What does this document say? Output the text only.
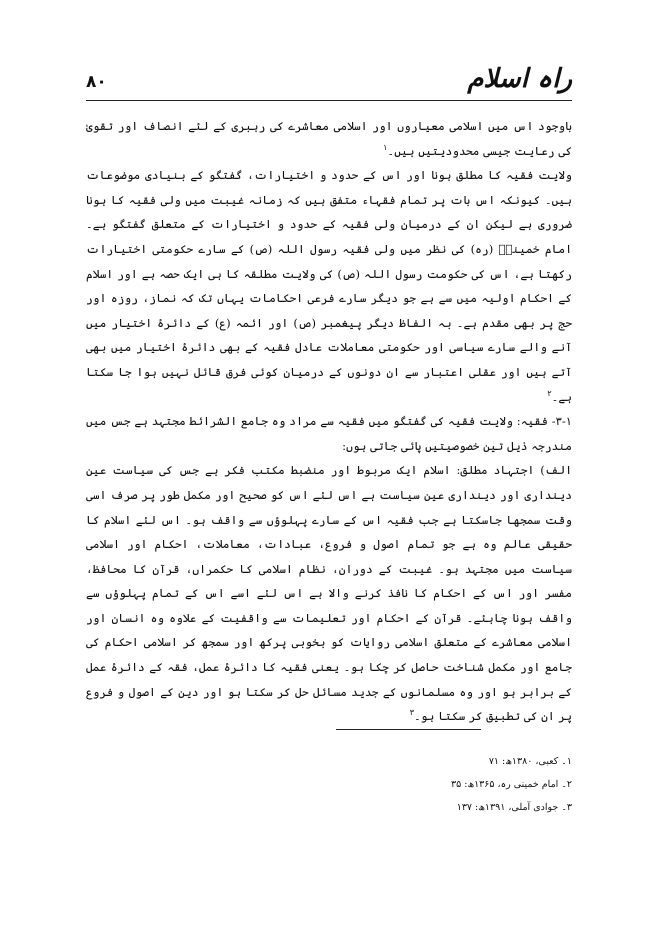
راہ اسلام
۸۰

باوجود اس میں اسلامی معیاروں اور اسلامی معاشرے کی رہبری کے لئے انصاف اور تقویٰ کی رعایت جیسی محدودیتیں ہیں۔$^۱$

ولایت فقیہ کا مطلق ہونا اور اس کے حدود و اختیارات، گفتگو کے بنیادی موضوعات ہیں۔ کیونکہ اس بات پر تمام فقہاء متفق ہیں کہ زمانہ غیبت میں ولی فقیہ کا ہونا ضروری ہے لیکن ان کے درمیان ولی فقیہ کے حدود و اختیارات کے متعلق گفتگو ہے۔ امام خمینیؒ (رہ) کی نظر میں ولی فقیہ رسول اللہ (ص) کے سارے حکومتی اختیارات رکھتا ہے، اس کی حکومت رسول اللہ (ص) کی ولایت مطلقہ کا ہی ایک حصہ ہے اور اسلام کے احکام اولیہ میں سے ہے جو دیگر سارے فرعی احکامات یہاں تک کہ نماز، روزہ اور حج پر بھی مقدم ہے۔ بہ الفاظ دیگر پیغمبر (ص) اور ائمہ (ع) کے دائرۂ اختیار میں آنے والے سارے سیاسی اور حکومتی معاملات عادل فقیہ کے بھی دائرۂ اختیار میں بھی آتے ہیں اور عقلی اعتبار سے ان دونوں کے درمیان کوئی فرق قائل نہیں ہوا جا سکتا ہے۔$^۲$

۳-۱- فقیہ: ولایت فقیہ کی گفتگو میں فقیہ سے مراد وہ جامع الشرائط مجتہد ہے جس میں مندرجہ ذیل تین خصوصیتیں پائی جاتی ہوں:

الف) اجتہاد مطلق: اسلام ایک مربوط اور منضبط مکتب فکر ہے جس کی سیاست عین دینداری اور دینداری عین سیاست ہے اس لئے اس کو صحیح اور مکمل طور پر صرف اسی وقت سمجھا جاسکتا ہے جب فقیہ اس کے سارے پہلوؤں سے واقف ہو۔ اس لئے اسلام کا حقیقی عالم وہ ہے جو تمام اصول و فروع، عبادات، معاملات، احکام اور اسلامی سیاست میں مجتہد ہو۔ غیبت کے دوران، نظام اسلامی کا حکمراں، قرآن کا محافظ، مفسر اور اس کے احکام کا نافذ کرنے والا ہے اس لئے اسے اس کے تمام پہلوؤں سے واقف ہونا چاہئے۔ قرآن کے احکام اور تعلیمات سے واقفیت کے علاوہ وہ انسان اور اسلامی معاشرے کے متعلق اسلامی روایات کو بخوبی پرکھ اور سمجھ کر اسلامی احکام کی جامع اور مکمل شناخت حاصل کر چکا ہو۔ یعنی فقیہ کا دائرۂ عمل، فقہ کے دائرۂ عمل کے برابر ہو اور وہ مسلمانوں کے جدید مسائل حل کر سکتا ہو اور دین کے اصول و فروع پر ان کی تطبیق کر سکتا ہو۔$^۳$

۱۔ کعبی، ۱۳۸۰ھ: ۷۱
۲۔ امام خمینی رہ، ۱۳۶۵ھ: ۳۵
۳۔ جوادی آملی، ۱۳۹۱ھ: ۱۳۷
